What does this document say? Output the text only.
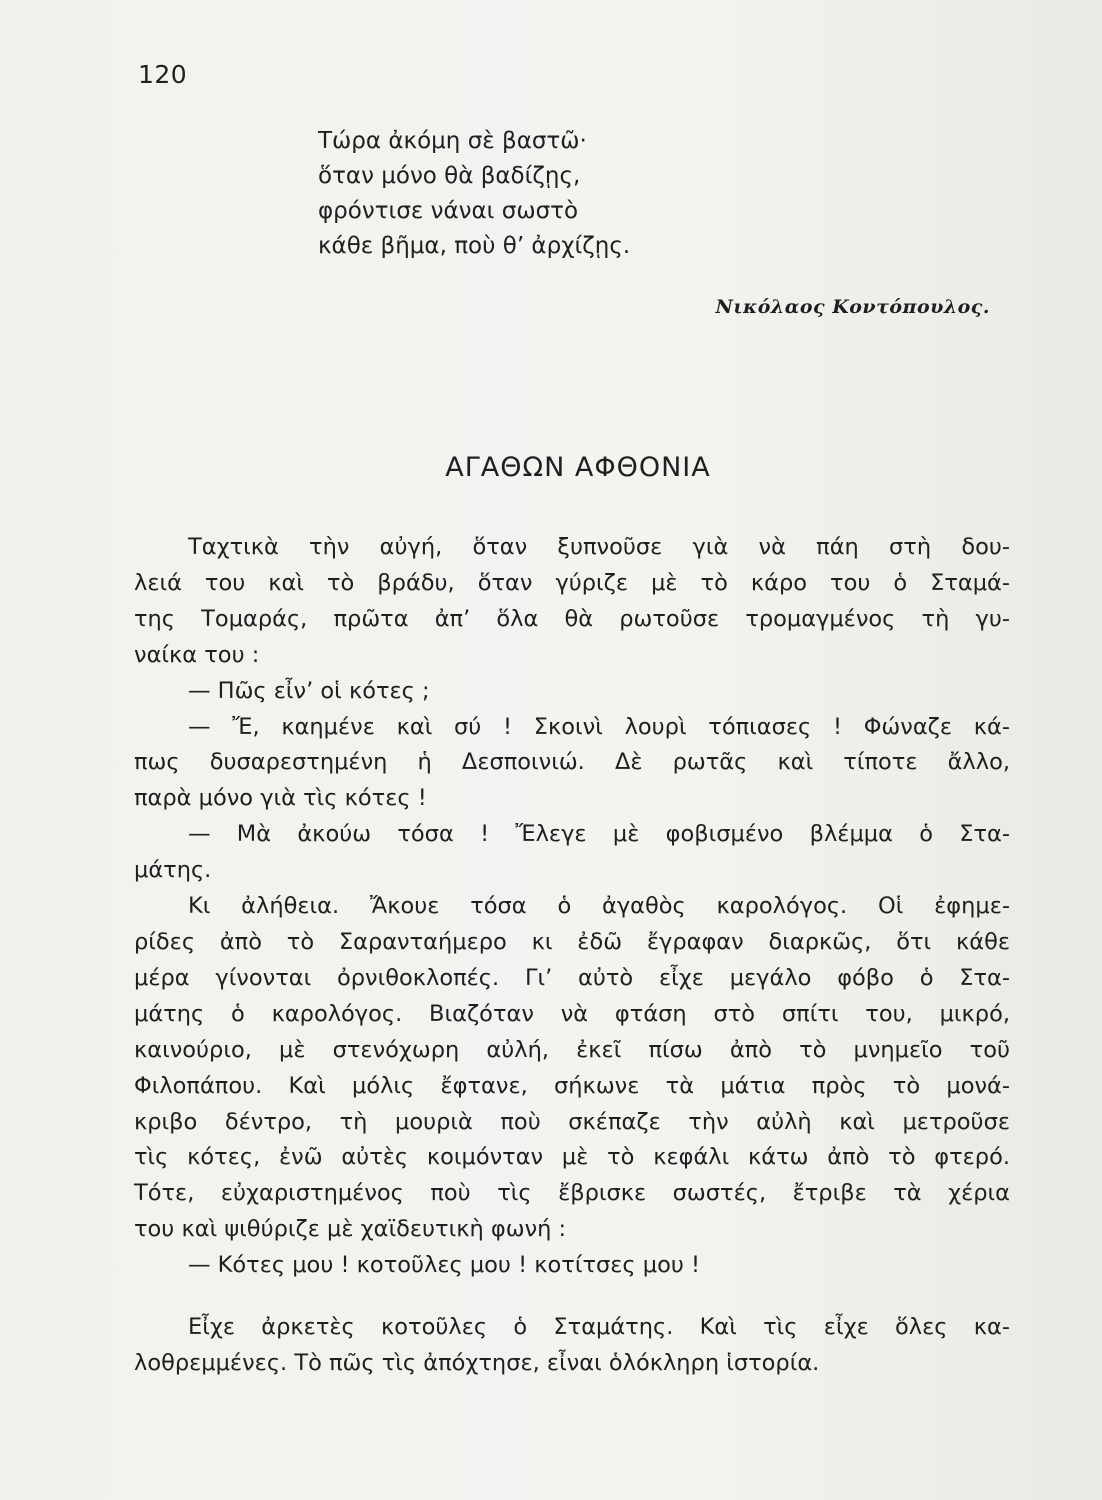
120
Τώρα ἀκόμη σὲ βαστῶ·
ὅταν μόνο θὰ βαδίζῃς,
φρόντισε νάναι σωστὸ
κάθε βῆμα, ποὺ θ’ ἀρχίζῃς.
Νικόλαος Κοντόπουλος.
ΑΓΑΘΩΝ ΑΦΘΟΝΙΑ
Ταχτικὰ τὴν αὐγή, ὅταν ξυπνοῦσε γιὰ νὰ πάη στὴ δου-
λειά του καὶ τὸ βράδυ, ὅταν γύριζε μὲ τὸ κάρο του ὁ Σταμά-
της Τομαράς, πρῶτα ἀπ’ ὅλα θὰ ρωτοῦσε τρομαγμένος τὴ γυ-
ναίκα του :
— Πῶς εἶν’ οἱ κότες ;
— Ἔ, καημένε καὶ σύ ! Σκοινὶ λουρὶ τόπιασες ! Φώναζε κά-
πως δυσαρεστημένη ἡ Δεσποινιώ. Δὲ ρωτᾶς καὶ τίποτε ἄλλο,
παρὰ μόνο γιὰ τὶς κότες !
— Μὰ ἀκούω τόσα ! Ἔλεγε μὲ φοβισμένο βλέμμα ὁ Στα-
μάτης.
Κι ἀλήθεια. Ἄκουε τόσα ὁ ἀγαθὸς καρολόγος. Οἱ ἐφημε-
ρίδες ἀπὸ τὸ Σαρανταήμερο κι ἐδῶ ἔγραφαν διαρκῶς, ὅτι κάθε
μέρα γίνονται ὀρνιθοκλοπές. Γι’ αὐτὸ εἶχε μεγάλο φόβο ὁ Στα-
μάτης ὁ καρολόγος. Βιαζόταν νὰ φτάση στὸ σπίτι του, μικρό,
καινούριο, μὲ στενόχωρη αὐλή, ἐκεῖ πίσω ἀπὸ τὸ μνημεῖο τοῦ
Φιλοπάπου. Καὶ μόλις ἔφτανε, σήκωνε τὰ μάτια πρὸς τὸ μονά-
κριβο δέντρο, τὴ μουριὰ ποὺ σκέπαζε τὴν αὐλὴ καὶ μετροῦσε
τὶς κότες, ἐνῶ αὐτὲς κοιμόνταν μὲ τὸ κεφάλι κάτω ἀπὸ τὸ φτερό.
Τότε, εὐχαριστημένος ποὺ τὶς ἔβρισκε σωστές, ἔτριβε τὰ χέρια
του καὶ ψιθύριζε μὲ χαϊδευτικὴ φωνή :
— Κότες μου ! κοτοῦλες μου ! κοτίτσες μου !
Εἶχε ἀρκετὲς κοτοῦλες ὁ Σταμάτης. Καὶ τὶς εἶχε ὅλες κα-
λοθρεμμένες. Τὸ πῶς τὶς ἀπόχτησε, εἶναι ὁλόκληρη ἱστορία.
